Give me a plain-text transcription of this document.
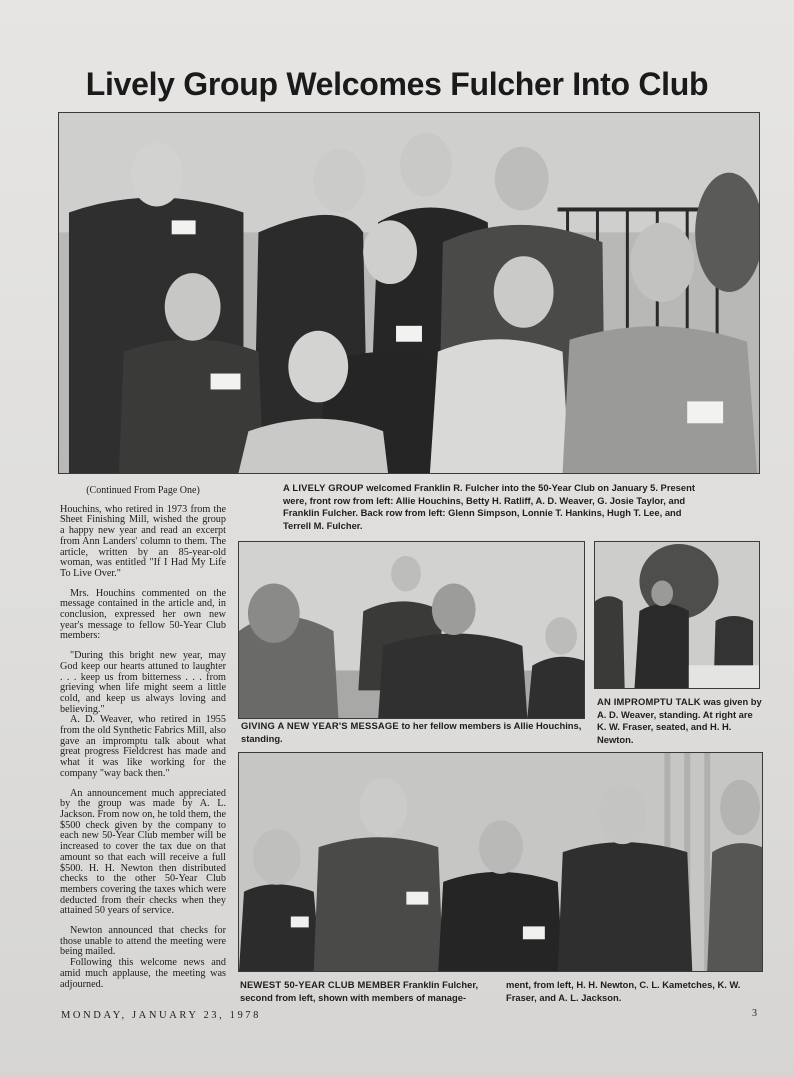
Lively Group Welcomes Fulcher Into Club
(Continued From Page One)

Houchins, who retired in 1973 from the Sheet Finishing Mill, wished the group a happy new year and read an excerpt from Ann Landers' column to them. The article, written by an 85-year-old woman, was entitled "If I Had My Life To Live Over."

Mrs. Houchins commented on the message contained in the article and, in conclusion, expressed her own new year's message to fellow 50-Year Club members:

"During this bright new year, may God keep our hearts attuned to laughter . . . keep us from bitterness . . . from grieving when life might seem a little cold, and keep us always loving and believing."

A. D. Weaver, who retired in 1955 from the old Synthetic Fabrics Mill, also gave an impromptu talk about what great progress Fieldcrest has made and what it was like working for the company "way back then."

An announcement much appreciated by the group was made by A. L. Jackson. From now on, he told them, the $500 check given by the company to each new 50-Year Club member will be increased to cover the tax due on that amount so that each will receive a full $500. H. H. Newton then distributed checks to the other 50-Year Club members covering the taxes which were deducted from their checks when they attained 50 years of service.

Newton announced that checks for those unable to attend the meeting were being mailed.

Following this welcome news and amid much applause, the meeting was adjourned.

A LIVELY GROUP welcomed Franklin R. Fulcher into the 50-Year Club on January 5. Present were, front row from left: Allie Houchins, Betty H. Ratliff, A. D. Weaver, G. Josie Taylor, and Franklin Fulcher. Back row from left: Glenn Simpson, Lonnie T. Hankins, Hugh T. Lee, and Terrell M. Fulcher.
GIVING A NEW YEAR'S MESSAGE to her fellow members is Allie Houchins, standing.
AN IMPROMPTU TALK was given by A. D. Weaver, standing. At right are K. W. Fraser, seated, and H. H. Newton.
NEWEST 50-YEAR CLUB MEMBER Franklin Fulcher, second from left, shown with members of manage-
ment, from left, H. H. Newton, C. L. Kametches, K. W. Fraser, and A. L. Jackson.
MONDAY, JANUARY 23, 1978	3
